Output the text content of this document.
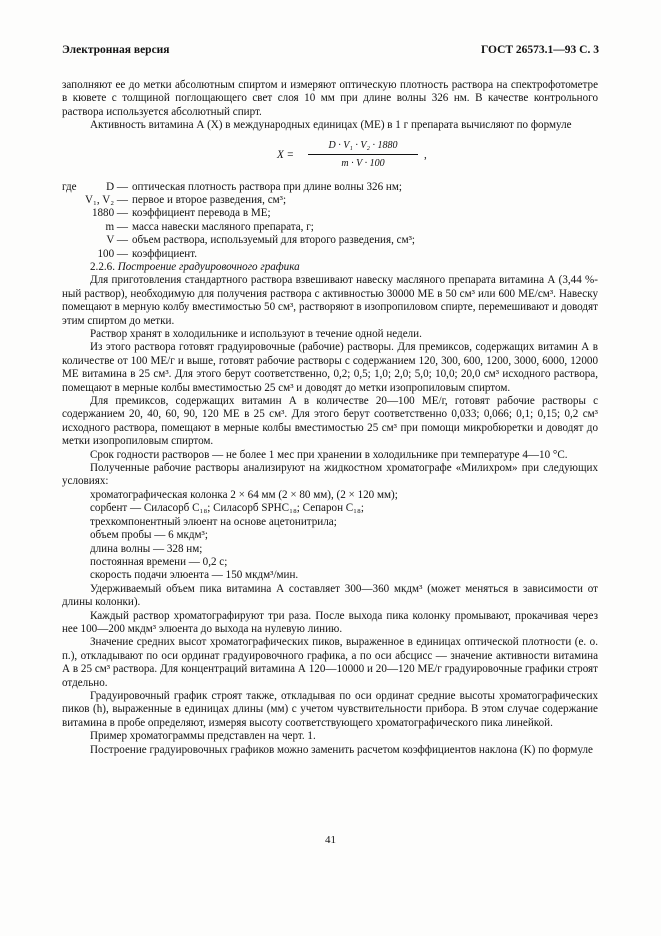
Электронная версия	ГОСТ 26573.1—93 С. 3

заполняют ее до метки абсолютным спиртом и измеряют оптическую плотность раствора на спектрофотометре в кювете с толщиной поглощающего свет слоя 10 мм при длине волны 326 нм. В качестве контрольного раствора используется абсолютный спирт.

Активность витамина А (X) в международных единицах (МЕ) в 1 г препарата вычисляют по формуле

X =
D · V₁ · V₂ · 1880
m · V · 100
,
где	D — оптическая плотность раствора при длине волны 326 нм;
V₁, V₂ — первое и второе разведения, см³;
1880 — коэффициент перевода в МЕ;
m — масса навески масляного препарата, г;
V — объем раствора, используемый для второго разведения, см³;
100 — коэффициент.

2.2.6. Построение градуировочного графика

Для приготовления стандартного раствора взвешивают навеску масляного препарата витамина А (3,44 %-ный раствор), необходимую для получения раствора с активностью 30000 МЕ в 50 см³ или 600 МЕ/см³. Навеску помещают в мерную колбу вместимостью 50 см³, растворяют в изопропиловом спирте, перемешивают и доводят этим спиртом до метки.

Раствор хранят в холодильнике и используют в течение одной недели.

Из этого раствора готовят градуировочные (рабочие) растворы. Для премиксов, содержащих витамин А в количестве от 100 МЕ/г и выше, готовят рабочие растворы с содержанием 120, 300, 600, 1200, 3000, 6000, 12000 МЕ витамина в 25 см³. Для этого берут соответственно, 0,2; 0,5; 1,0; 2,0; 5,0; 10,0; 20,0 см³ исходного раствора, помещают в мерные колбы вместимостью 25 см³ и доводят до метки изопропиловым спиртом.

Для премиксов, содержащих витамин А в количестве 20—100 МЕ/г, готовят рабочие растворы с содержанием 20, 40, 60, 90, 120 МЕ в 25 см³. Для этого берут соответственно 0,033; 0,066; 0,1; 0,15; 0,2 см³ исходного раствора, помещают в мерные колбы вместимостью 25 см³ при помощи микробюретки и доводят до метки изопропиловым спиртом.

Срок годности растворов — не более 1 мес при хранении в холодильнике при температуре 4—10 °С.

Полученные рабочие растворы анализируют на жидкостном хроматографе «Милихром» при следующих условиях:

хроматографическая колонка 2 × 64 мм (2 × 80 мм), (2 × 120 мм);

сорбент — Силасорб С₁₈; Силасорб SPHC₁₈; Сепарон С₁₈;

трехкомпонентный элюент на основе ацетонитрила;

объем пробы — 6 мкдм³;

длина волны — 328 нм;

постоянная времени — 0,2 с;

скорость подачи элюента — 150 мкдм³/мин.

Удерживаемый объем пика витамина А составляет 300—360 мкдм³ (может меняться в зависимости от длины колонки).

Каждый раствор хроматографируют три раза. После выхода пика колонку промывают, прокачивая через нее 100—200 мкдм³ элюента до выхода на нулевую линию.

Значение средних высот хроматографических пиков, выраженное в единицах оптической плотности (е. о. п.), откладывают по оси ординат градуировочного графика, а по оси абсцисс — значение активности витамина А в 25 см³ раствора. Для концентраций витамина А 120—10000 и 20—120 МЕ/г градуировочные графики строят отдельно.

Градуировочный график строят также, откладывая по оси ординат средние высоты хроматографических пиков (h), выраженные в единицах длины (мм) с учетом чувствительности прибора. В этом случае содержание витамина в пробе определяют, измеряя высоту соответствующего хроматографического пика линейкой.

Пример хроматограммы представлен на черт. 1.

Построение градуировочных графиков можно заменить расчетом коэффициентов наклона (K) по формуле

41
